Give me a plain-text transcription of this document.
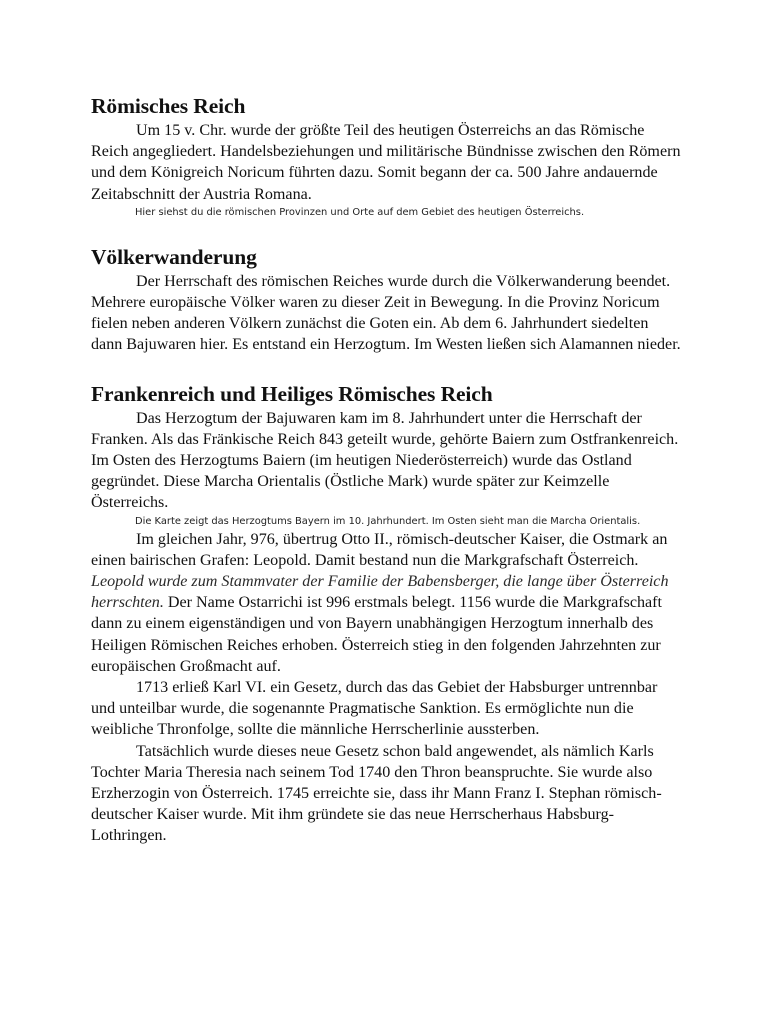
Römisches Reich

Um 15 v. Chr. wurde der größte Teil des heutigen Österreichs an das Römische Reich angegliedert. Handelsbeziehungen und militärische Bündnisse zwischen den Römern und dem Königreich Noricum führten dazu. Somit begann der ca. 500 Jahre andauernde Zeitabschnitt der Austria Romana.

Hier siehst du die römischen Provinzen und Orte auf dem Gebiet des heutigen Österreichs.

Völkerwanderung

Der Herrschaft des römischen Reiches wurde durch die Völkerwanderung beendet. Mehrere europäische Völker waren zu dieser Zeit in Bewegung. In die Provinz Noricum fielen neben anderen Völkern zunächst die Goten ein. Ab dem 6. Jahrhundert siedelten dann Bajuwaren hier. Es entstand ein Herzogtum. Im Westen ließen sich Alamannen nieder.

Frankenreich und Heiliges Römisches Reich

Das Herzogtum der Bajuwaren kam im 8. Jahrhundert unter die Herrschaft der Franken. Als das Fränkische Reich 843 geteilt wurde, gehörte Baiern zum Ostfrankenreich. Im Osten des Herzogtums Baiern (im heutigen Niederösterreich) wurde das Ostland gegründet. Diese Marcha Orientalis (Östliche Mark) wurde später zur Keimzelle Österreichs.

Die Karte zeigt das Herzogtums Bayern im 10. Jahrhundert. Im Osten sieht man die Marcha Orientalis.

Im gleichen Jahr, 976, übertrug Otto II., römisch-deutscher Kaiser, die Ostmark an einen bairischen Grafen: Leopold. Damit bestand nun die Markgrafschaft Österreich. Leopold wurde zum Stammvater der Familie der Babensberger, die lange über Österreich herrschten. Der Name Ostarrichi ist 996 erstmals belegt. 1156 wurde die Markgrafschaft dann zu einem eigenständigen und von Bayern unabhängigen Herzogtum innerhalb des Heiligen Römischen Reiches erhoben. Österreich stieg in den folgenden Jahrzehnten zur europäischen Großmacht auf.

1713 erließ Karl VI. ein Gesetz, durch das das Gebiet der Habsburger untrennbar und unteilbar wurde, die sogenannte Pragmatische Sanktion. Es ermöglichte nun die weibliche Thronfolge, sollte die männliche Herrscherlinie aussterben.

Tatsächlich wurde dieses neue Gesetz schon bald angewendet, als nämlich Karls Tochter Maria Theresia nach seinem Tod 1740 den Thron beanspruchte. Sie wurde also Erzherzogin von Österreich. 1745 erreichte sie, dass ihr Mann Franz I. Stephan römisch-deutscher Kaiser wurde. Mit ihm gründete sie das neue Herrscherhaus Habsburg-Lothringen.
